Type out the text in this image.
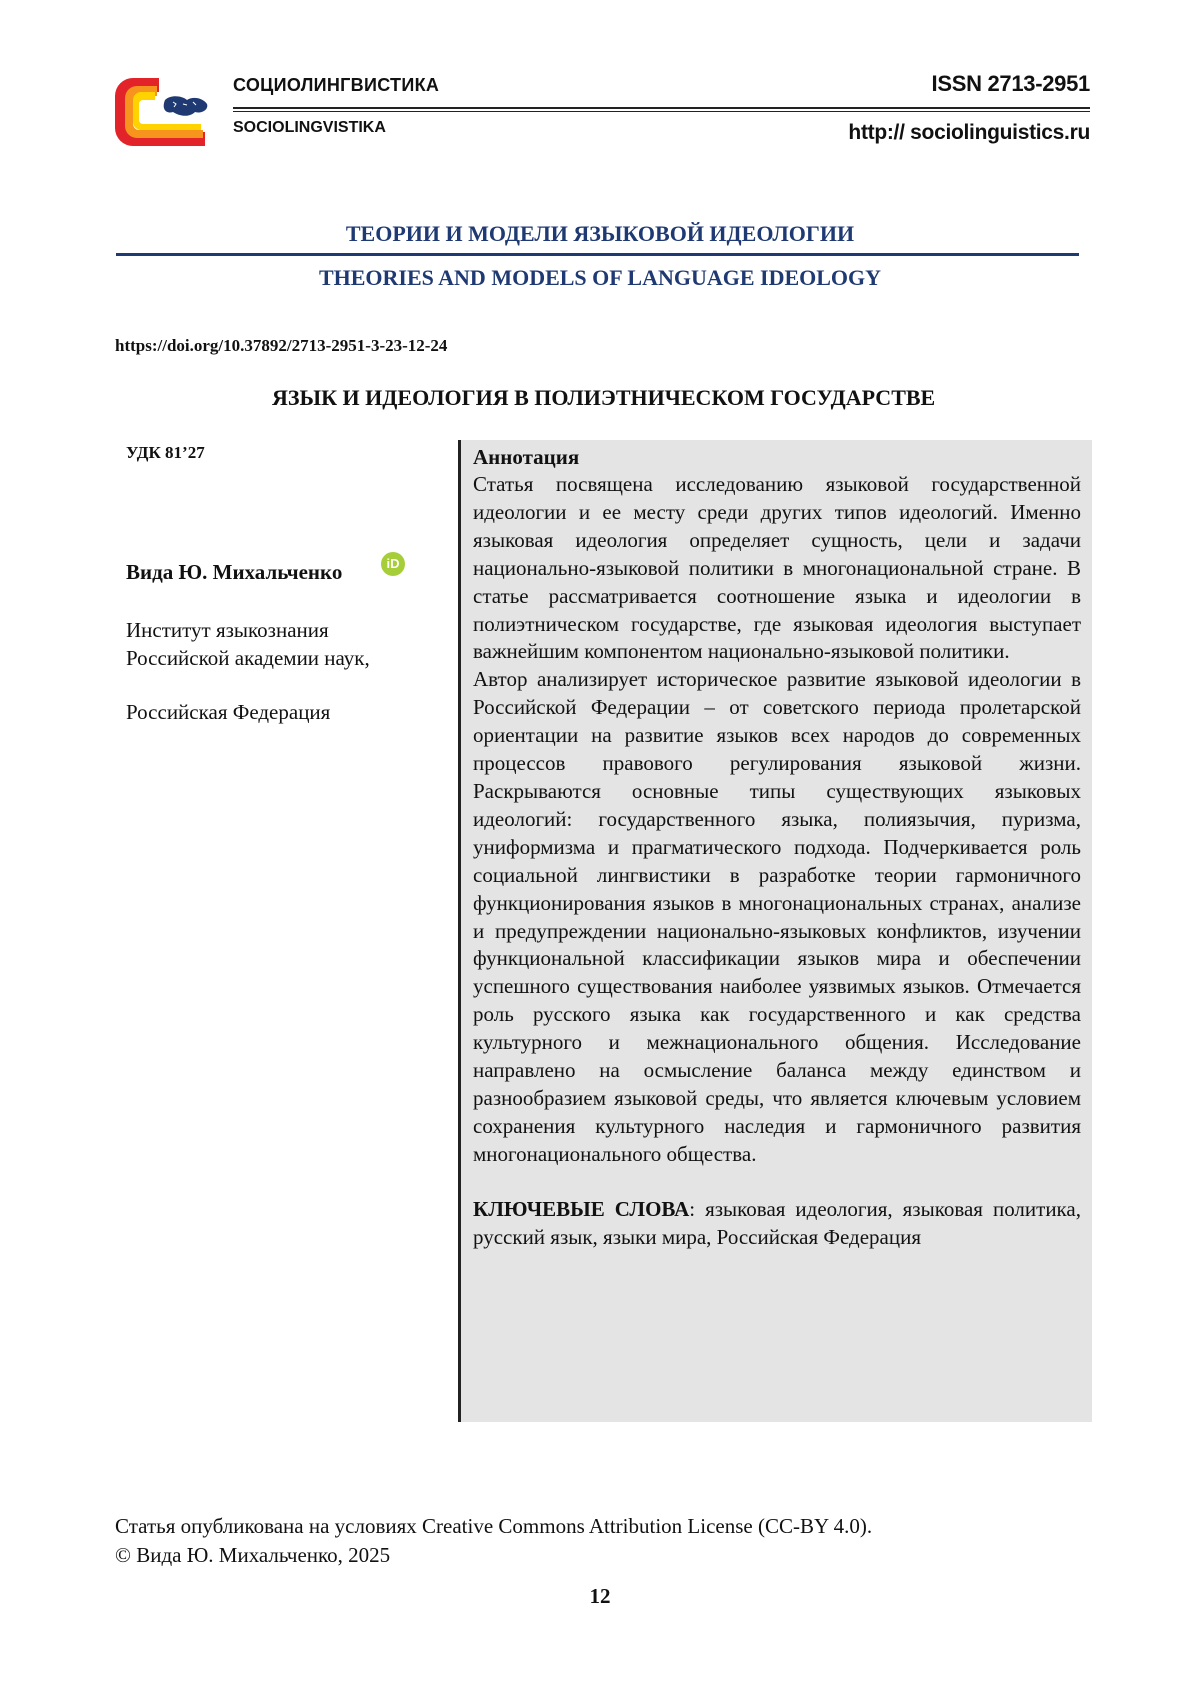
СОЦИОЛИНГВИСТИКА
SOCIOLINGVISTIKA
ISSN 2713-2951
http:// sociolinguistics.ru
ТЕОРИИ И МОДЕЛИ ЯЗЫКОВОЙ ИДЕОЛОГИИ
THEORIES AND MODELS OF LANGUAGE IDEOLOGY
https://doi.org/10.37892/2713-2951-3-23-12-24
ЯЗЫК И ИДЕОЛОГИЯ В ПОЛИЭТНИЧЕСКОМ ГОСУДАРСТВЕ
УДК 81’27
Вида Ю. Михальченко	iD
Институт языкознания Российской академии наук,
Российская Федерация
Аннотация

Статья посвящена исследованию языковой государственной идеологии и ее месту среди других типов идеологий. Именно языковая идеология определяет сущность, цели и задачи национально-языковой политики в многонациональной стране. В статье рассматривается соотношение языка и идеологии в полиэтническом государстве, где языковая идеология выступает важнейшим компонентом национально-языковой политики.

Автор анализирует историческое развитие языковой идеологии в Российской Федерации – от советского периода пролетарской ориентации на развитие языков всех народов до современных процессов правового регулирования языковой жизни. Раскрываются основные типы существующих языковых идеологий: государственного языка, полиязычия, пуризма, униформизма и прагматического подхода. Подчеркивается роль социальной лингвистики в разработке теории гармоничного функционирования языков в многонациональных странах, анализе и предупреждении национально-языковых конфликтов, изучении функциональной классификации языков мира и обеспечении успешного существования наиболее уязвимых языков. Отмечается роль русского языка как государственного и как средства культурного и межнационального общения. Исследование направлено на осмысление баланса между единством и разнообразием языковой среды, что является ключевым условием сохранения культурного наследия и гармоничного развития многонационального общества.

КЛЮЧЕВЫЕ СЛОВА: языковая идеология, языковая политика, русский язык, языки мира, Российская Федерация

Статья опубликована на условиях Creative Commons Attribution License (CC-BY 4.0).
© Вида Ю. Михальченко, 2025
12
